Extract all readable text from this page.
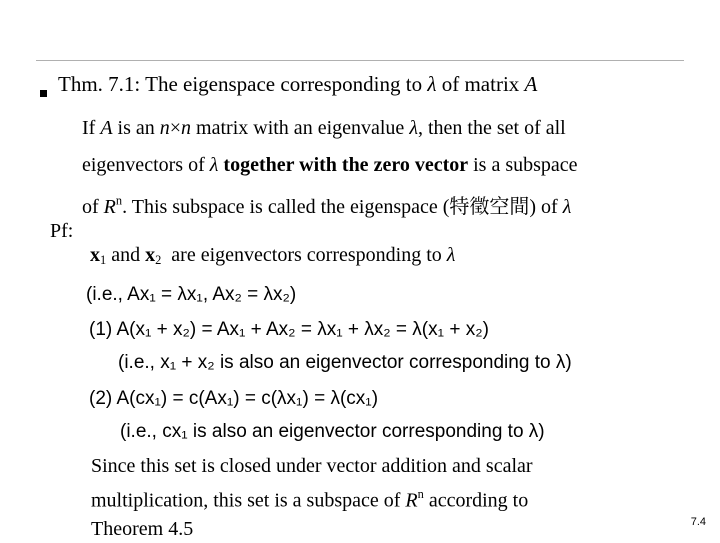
Thm. 7.1: The eigenspace corresponding to λ of matrix A
If A is an n×n matrix with an eigenvalue λ, then the set of all
eigenvectors of λ together with the zero vector is a subspace
of $R^n$. This subspace is called the eigenspace (特徵空間) of λ
Pf:
$x_1$ and $x_2$  are eigenvectors corresponding to λ
(i.e., Ax₁ = λx₁, Ax₂ = λx₂)
(1) A(x₁ + x₂) = Ax₁ + Ax₂ = λx₁ + λx₂ = λ(x₁ + x₂)
(i.e., x₁ + x₂ is also an eigenvector corresponding to λ)
(2) A(cx₁) = c(Ax₁) = c(λx₁) = λ(cx₁)
(i.e., cx₁ is also an eigenvector corresponding to λ)
Since this set is closed under vector addition and scalar
multiplication, this set is a subspace of $R^n$ according to
Theorem 4.5	7.4
